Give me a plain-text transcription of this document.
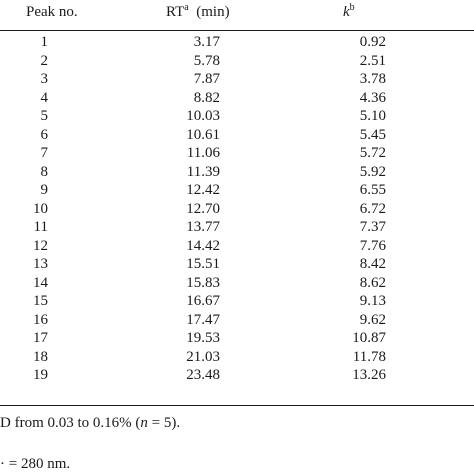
Peak no.	$RT^a$ (min)	$k^b$
1	3.17	0.92
2	5.78	2.51
3	7.87	3.78
4	8.82	4.36
5	10.03	5.10
6	10.61	5.45
7	11.06	5.72
8	11.39	5.92
9	12.42	6.55
10	12.70	6.72
11	13.77	7.37
12	14.42	7.76
13	15.51	8.42
14	15.83	8.62
15	16.67	9.13
16	17.47	9.62
17	19.53	10.87
18	21.03	11.78
19	23.48	13.26
D from 0.03 to 0.16% (n = 5).
· = 280 nm.
